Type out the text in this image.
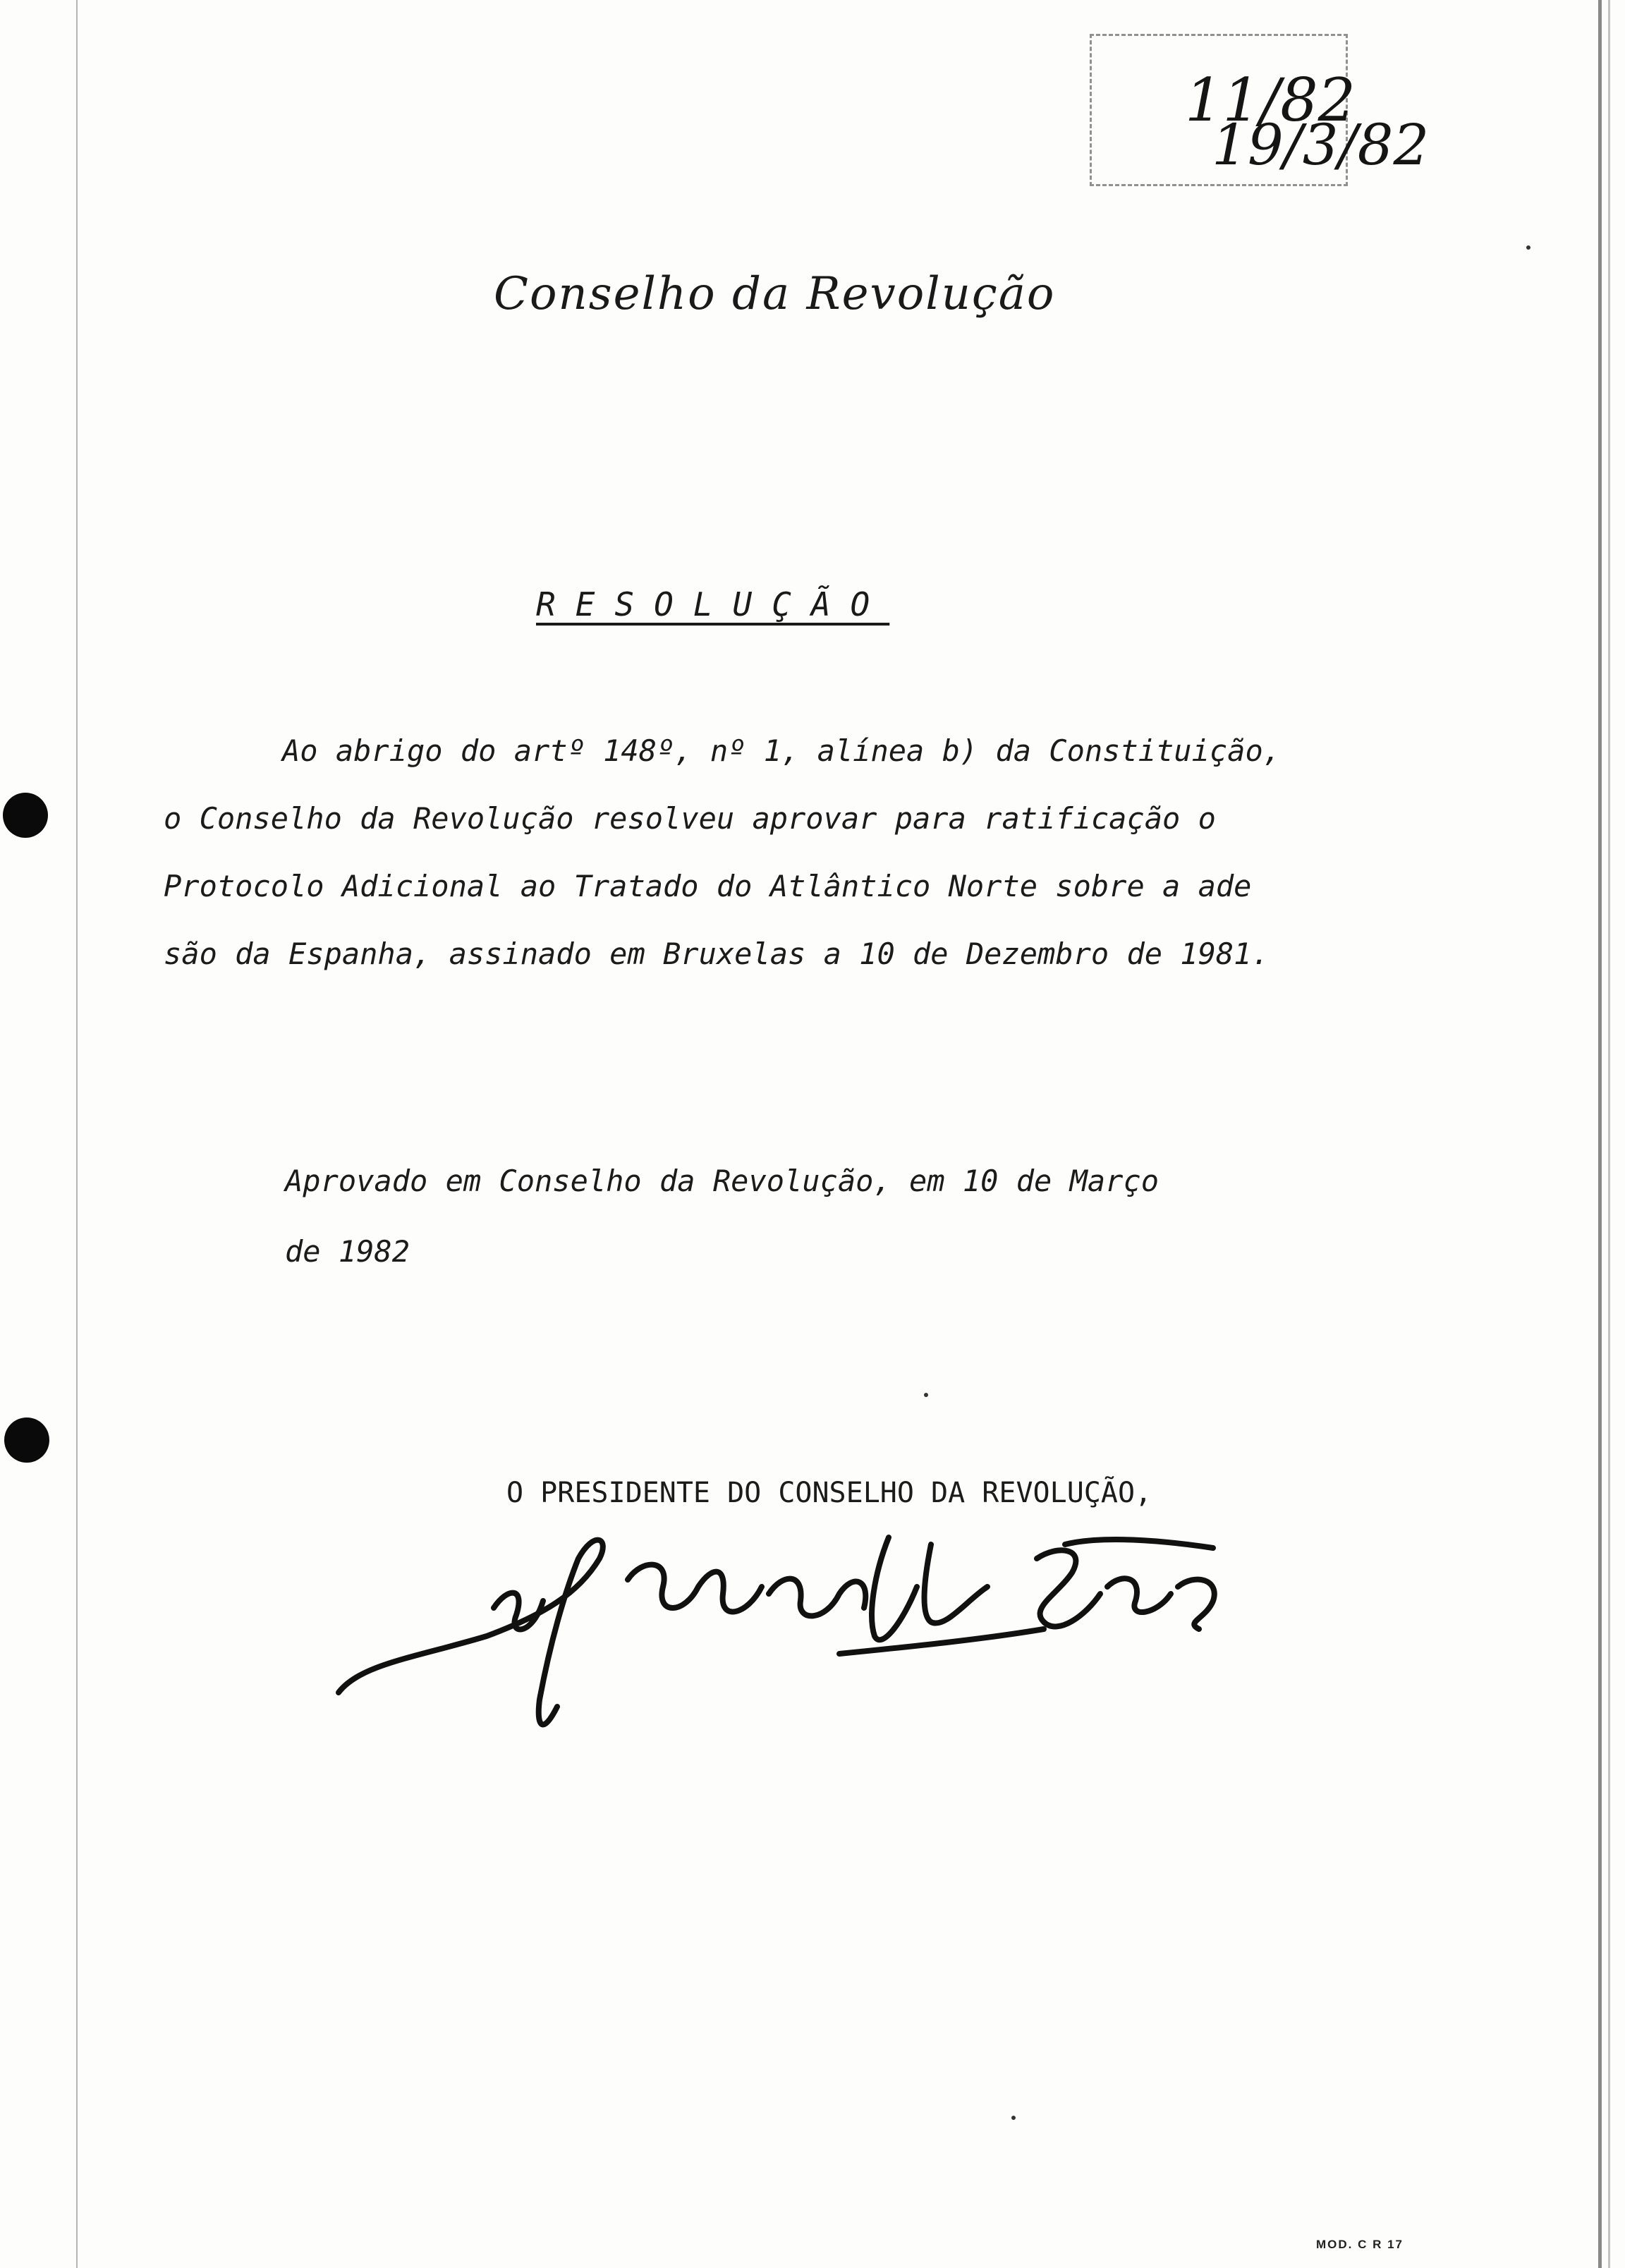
11/82
19/3/82
Conselho da Revolução
RESOLUÇÃO
Ao abrigo do artº 148º, nº 1, alínea b) da Constituição,
o Conselho da Revolução resolveu aprovar para ratificação o
Protocolo Adicional ao Tratado do Atlântico Norte sobre a ade
são da Espanha, assinado em Bruxelas a 10 de Dezembro de 1981.
Aprovado em Conselho da Revolução, em 10 de Março
de 1982
O PRESIDENTE DO CONSELHO DA REVOLUÇÃO,
MOD. C R 17
